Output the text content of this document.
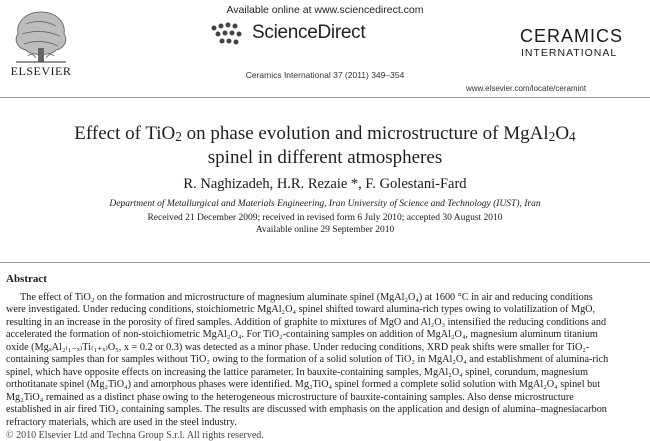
Available online at www.sciencedirect.com
ELSEVIER
ScienceDirect
Ceramics International 37 (2011) 349–354
CERAMICS
INTERNATIONAL
www.elsevier.com/locate/ceramint
Effect of TiO$_2$ on phase evolution and microstructure of $MgAl_2O_4$
spinel in different atmospheres
R. Naghizadeh, H.R. Rezaie *, F. Golestani-Fard
Department of Metallurgical and Materials Engineering, Iran University of Science and Technology (IUST), Iran
Received 21 December 2009; received in revised form 6 July 2010; accepted 30 August 2010
Available online 29 September 2010
Abstract
The effect of TiO₂ on the formation and microstructure of magnesium aluminate spinel (MgAl₂O₄) at 1600 °C in air and reducing conditions
were investigated. Under reducing conditions, stoichiometric MgAl₂O₄ spinel shifted toward alumina-rich types owing to volatilization of MgO,
resulting in an increase in the porosity of fired samples. Addition of graphite to mixtures of MgO and Al₂O₃ intensified the reducing conditions and
accelerated the formation of non-stoichiometric MgAl₂O₄. For TiO₂-containing samples on addition of MgAl₂O₄, magnesium aluminum titanium
oxide (MgₓAl₂₍₁₋ₓ₎Ti₍₁₊ₓ₎O₅, x = 0.2 or 0.3) was detected as a minor phase. Under reducing conditions, XRD peak shifts were smaller for TiO₂-
containing samples than for samples without TiO₂ owing to the formation of a solid solution of TiO₂ in MgAl₂O₄ and establishment of alumina-rich
spinel, which have opposite effects on increasing the lattice parameter. In bauxite-containing samples, MgAl₂O₄ spinel, corundum, magnesium
orthotitanate spinel (Mg₂TiO₄) and amorphous phases were identified. Mg₂TiO₄ spinel formed a complete solid solution with MgAl₂O₄ spinel but
Mg₂TiO₄ remained as a distinct phase owing to the heterogeneous microstructure of bauxite-containing samples. Also dense microstructure
established in air fired TiO₂ containing samples. The results are discussed with emphasis on the application and design of alumina–magnesiacarbon
refractory materials, which are used in the steel industry.
© 2010 Elsevier Ltd and Techna Group S.r.l. All rights reserved.
